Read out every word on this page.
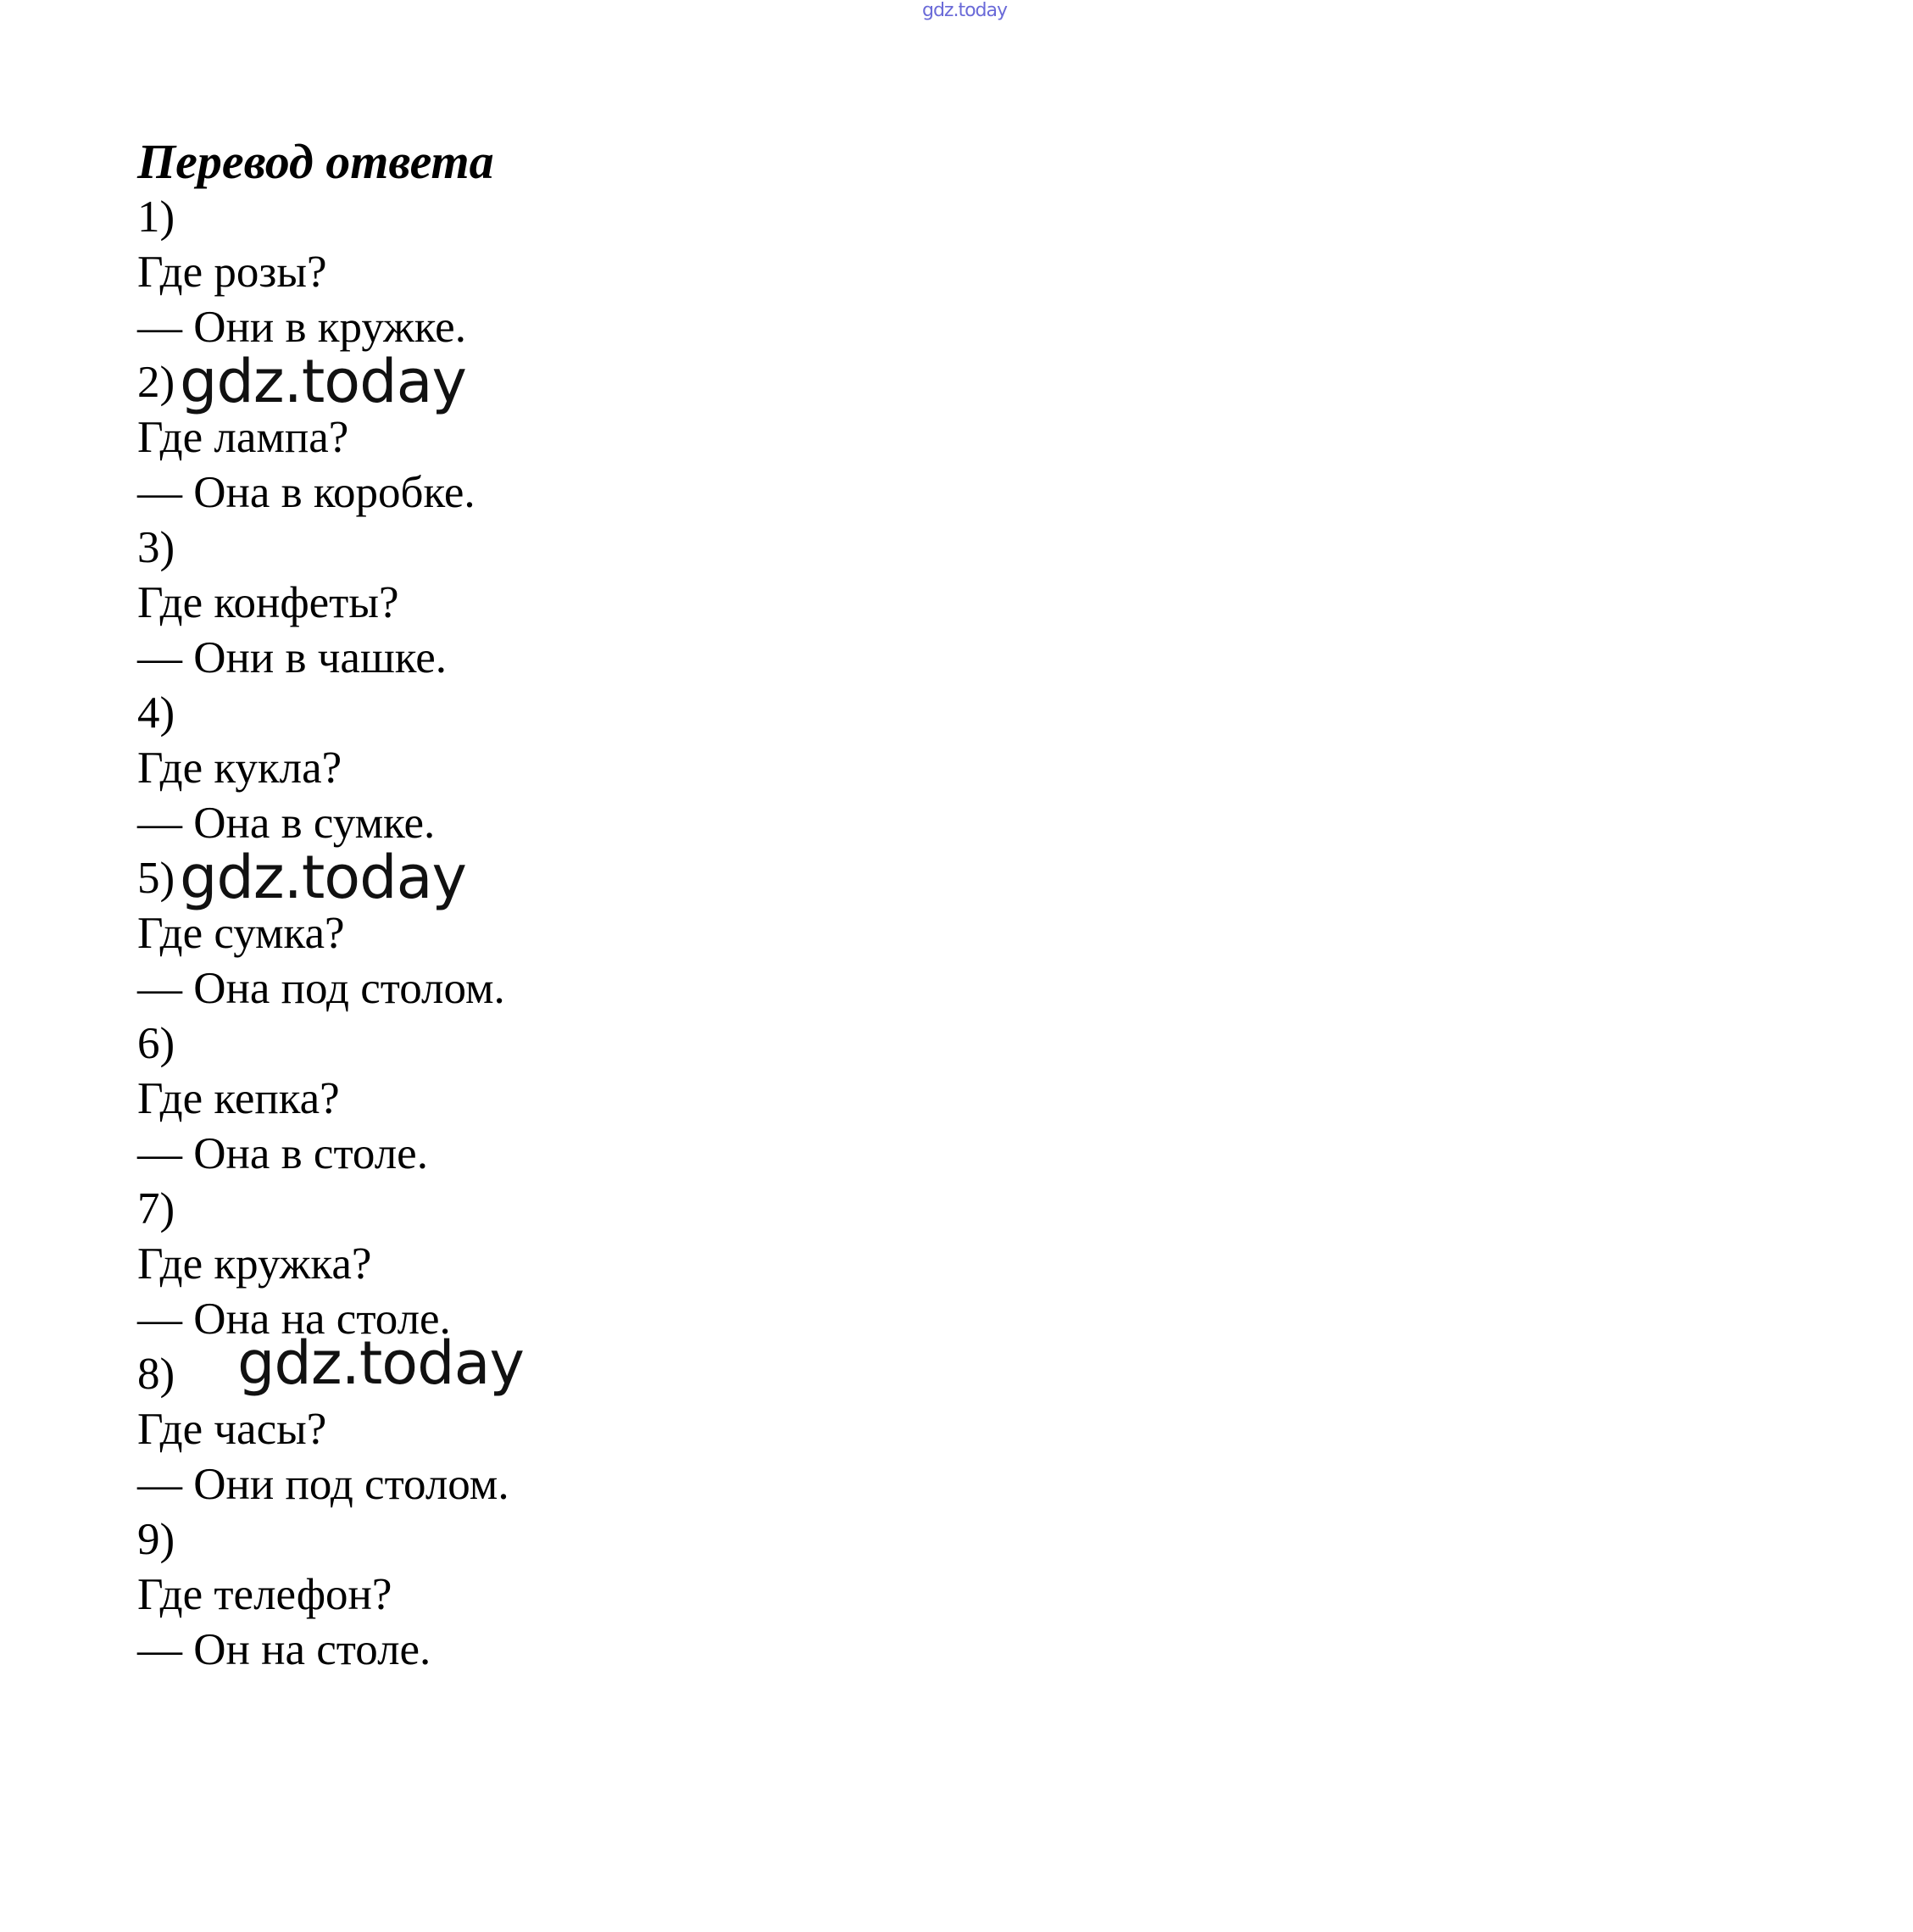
gdz.today
Перевод ответа
1)
Где розы?
— Они в кружке.
2) gdz.today
Где лампа?
— Она в коробке.
3)
Где конфеты?
— Они в чашке.
4)
Где кукла?
— Она в сумке.
5) gdz.today
Где сумка?
— Она под столом.
6)
Где кепка?
— Она в столе.
7)
Где кружка?
— Она на столе.
8) gdz.today
Где часы?
— Они под столом.
9)
Где телефон?
— Он на столе.
